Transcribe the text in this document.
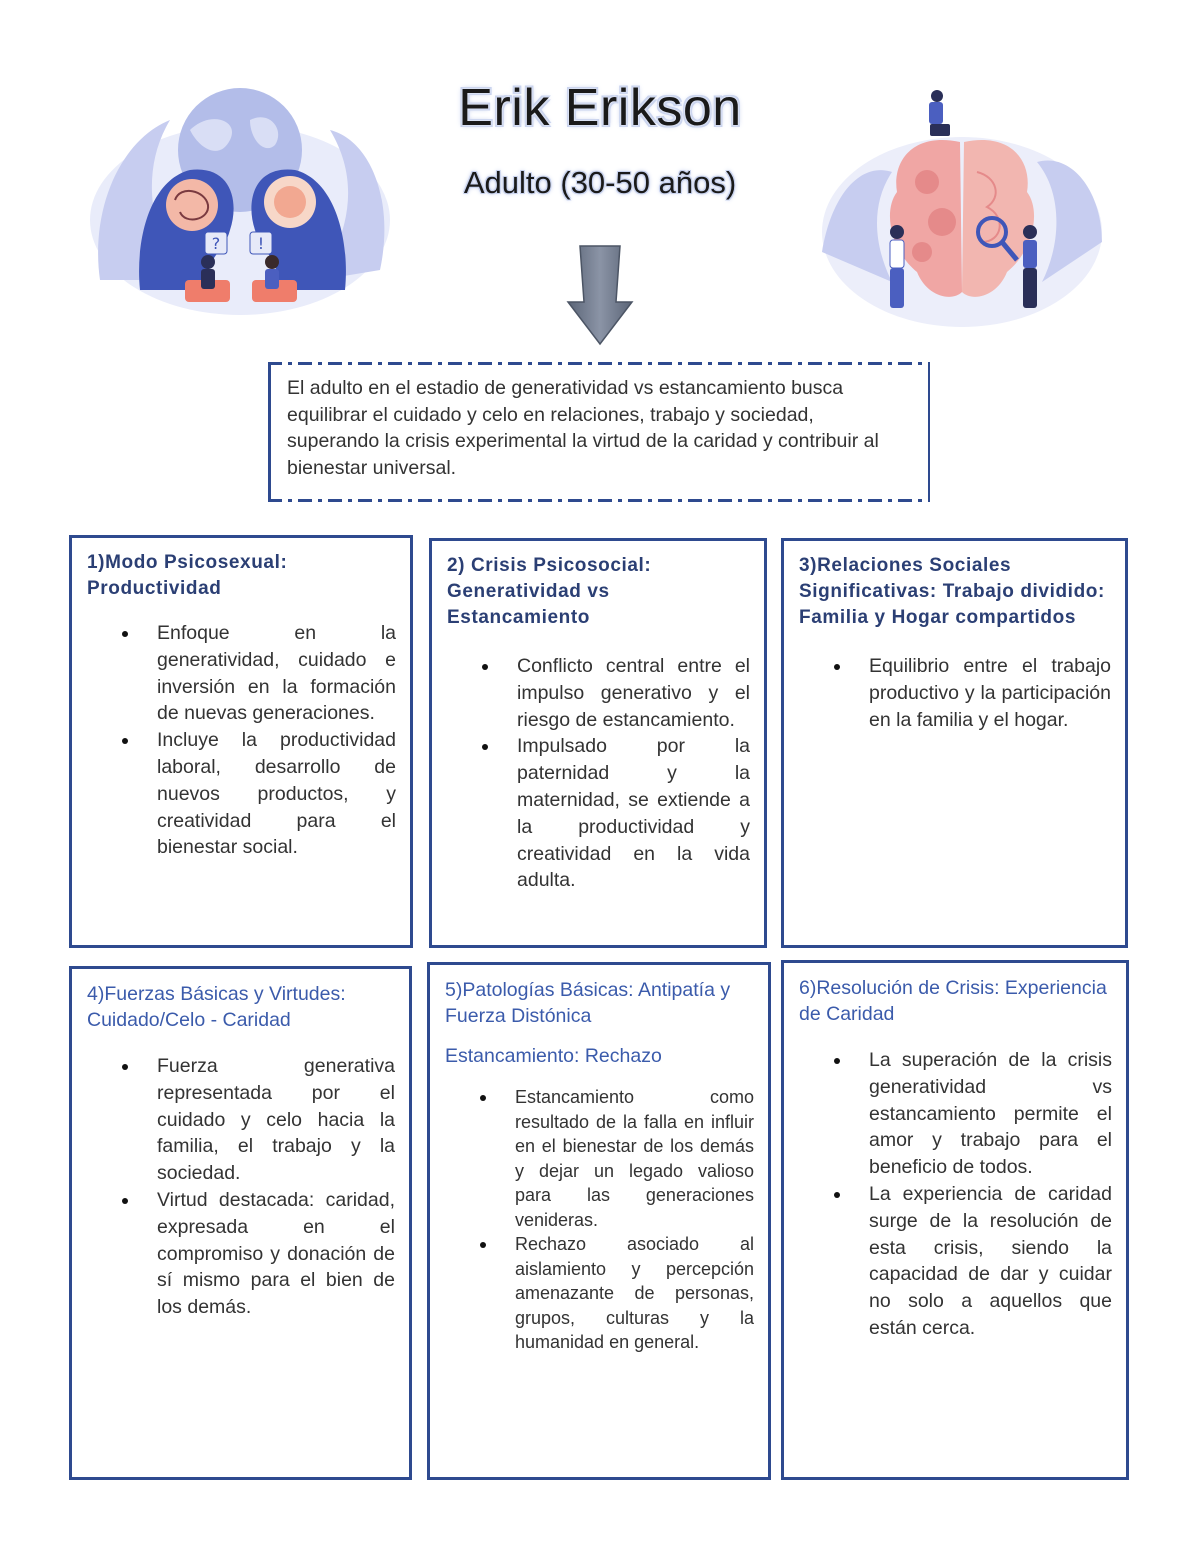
? !
Erik Erikson
Adulto (30-50 años)
El adulto en el estadio de generatividad vs estancamiento busca equilibrar el cuidado y celo en relaciones, trabajo y sociedad, superando la crisis experimental la virtud de la caridad y contribuir al bienestar universal.
1)Modo Psicosexual: Productividad
Enfoque en la generatividad, cuidado e inversión en la formación de nuevas generaciones.
Incluye la productividad laboral, desarrollo de nuevos productos, y creatividad para el bienestar social.
2) Crisis Psicosocial: Generatividad vs Estancamiento
Conflicto central entre el impulso generativo y el riesgo de estancamiento.
Impulsado por la paternidad y la maternidad, se extiende a la productividad y creatividad en la vida adulta.
3)Relaciones Sociales Significativas: Trabajo dividido: Familia y Hogar compartidos
Equilibrio entre el trabajo productivo y la participación en la familia y el hogar.
4)Fuerzas Básicas y Virtudes: Cuidado/Celo - Caridad
Fuerza generativa representada por el cuidado y celo hacia la familia, el trabajo y la sociedad.
Virtud destacada: caridad, expresada en el compromiso y donación de sí mismo para el bien de los demás.
5)Patologías Básicas: Antipatía y Fuerza Distónica

Estancamiento: Rechazo

Estancamiento como resultado de la falla en influir en el bienestar de los demás y dejar un legado valioso para las generaciones venideras.
Rechazo asociado al aislamiento y percepción amenazante de personas, grupos, culturas y la humanidad en general.
6)Resolución de Crisis: Experiencia de Caridad
La superación de la crisis generatividad vs estancamiento permite el amor y trabajo para el beneficio de todos.
La experiencia de caridad surge de la resolución de esta crisis, siendo la capacidad de dar y cuidar no solo a aquellos que están cerca.
